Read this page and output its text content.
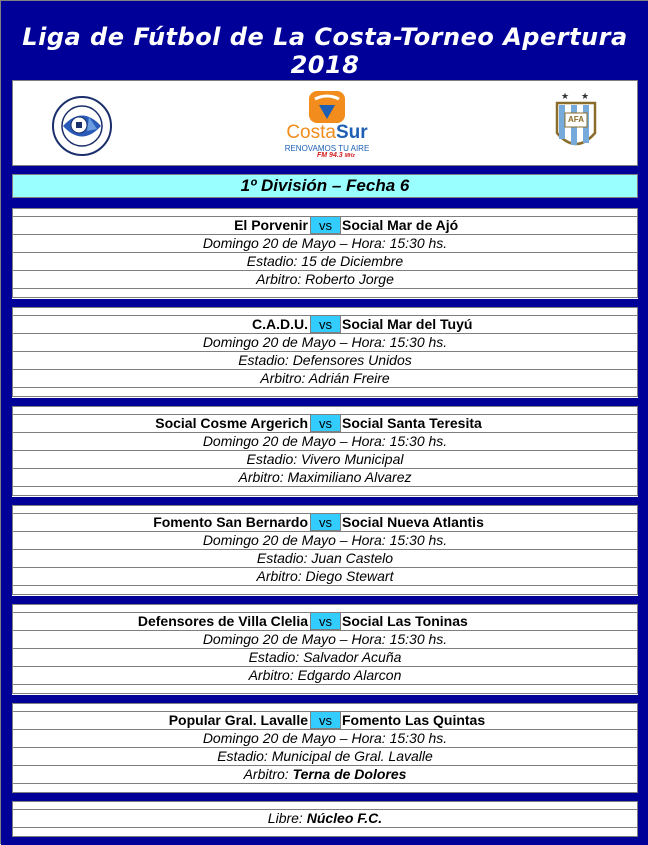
Liga de Fútbol de La Costa-Torneo Apertura 2018
CostaSur
RENOVAMOS TU AIRE
FM 94.3 MHz
★ ★
AFA
1º División – Fecha 6
El Porvenir vs Social Mar de Ajó
Domingo 20 de Mayo – Hora: 15:30 hs.
Estadio: 15 de Diciembre
Arbitro: Roberto Jorge
C.A.D.U. vs Social Mar del Tuyú
Domingo 20 de Mayo – Hora: 15:30 hs.
Estadio: Defensores Unidos
Arbitro: Adrián Freire
Social Cosme Argerich vs Social Santa Teresita
Domingo 20 de Mayo – Hora: 15:30 hs.
Estadio: Vivero Municipal
Arbitro: Maximiliano Alvarez
Fomento San Bernardo vs Social Nueva Atlantis
Domingo 20 de Mayo – Hora: 15:30 hs.
Estadio: Juan Castelo
Arbitro: Diego Stewart
Defensores de Villa Clelia vs Social Las Toninas
Domingo 20 de Mayo – Hora: 15:30 hs.
Estadio: Salvador Acuña
Arbitro: Edgardo Alarcon
Popular Gral. Lavalle vs Fomento Las Quintas
Domingo 20 de Mayo – Hora: 15:30 hs.
Estadio: Municipal de Gral. Lavalle
Arbitro: Terna de Dolores
Libre: Núcleo F.C.
